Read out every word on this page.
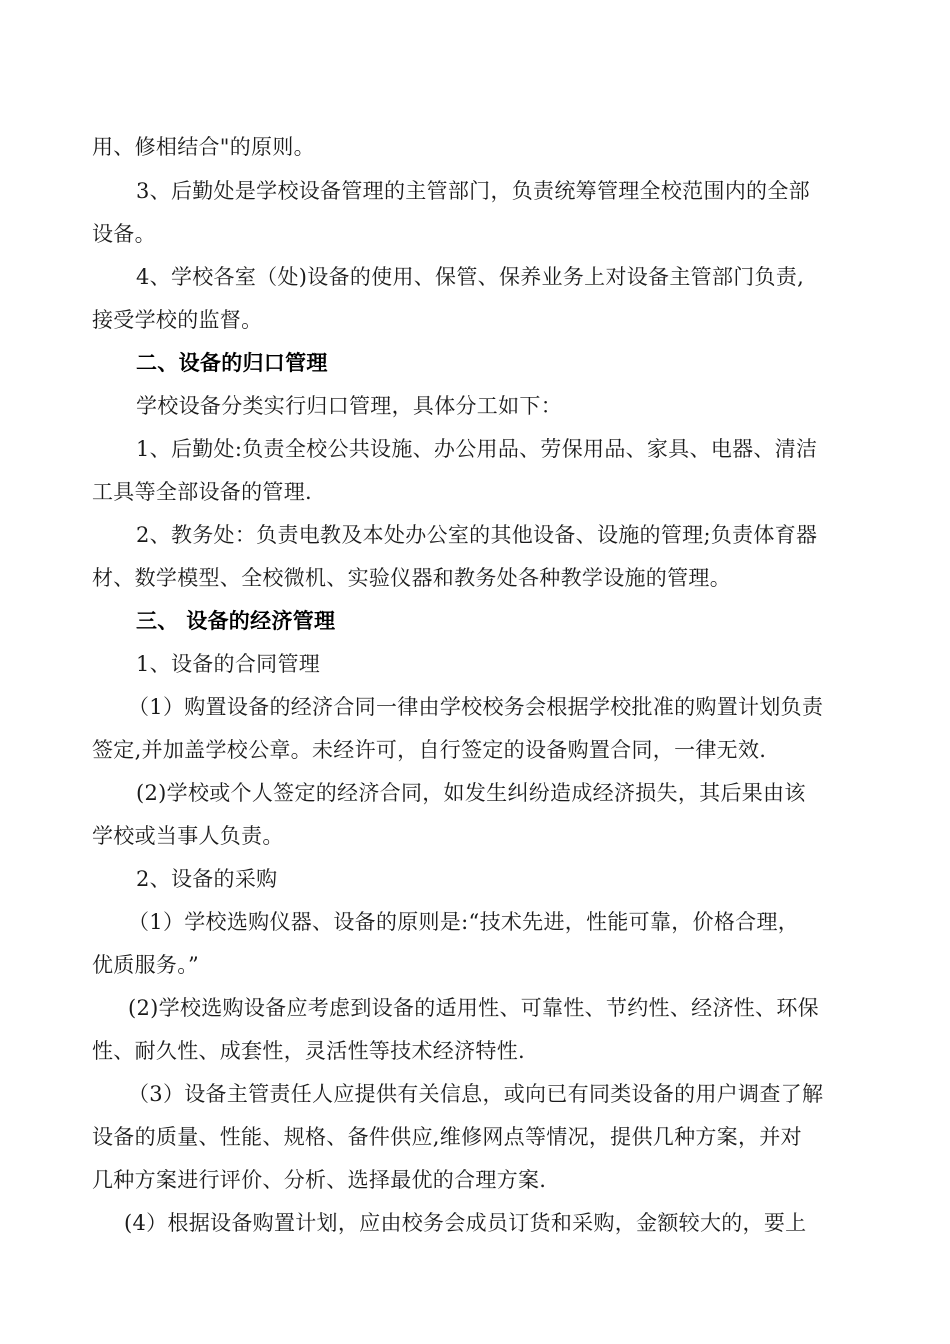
用、修相结合"的原则。
3、后勤处是学校设备管理的主管部门，负责统筹管理全校范围内的全部
设备。
4、学校各室（处)设备的使用、保管、保养业务上对设备主管部门负责,
接受学校的监督。
二、设备的归口管理
学校设备分类实行归口管理，具体分工如下：
1、后勤处:负责全校公共设施、办公用品、劳保用品、家具、电器、清洁
工具等全部设备的管理.
2、教务处：负责电教及本处办公室的其他设备、设施的管理;负责体育器
材、数学模型、全校微机、实验仪器和教务处各种教学设施的管理。
三、 设备的经济管理
1、设备的合同管理
（1）购置设备的经济合同一律由学校校务会根据学校批准的购置计划负责
签定,并加盖学校公章。未经许可，自行签定的设备购置合同，一律无效.
(2)学校或个人签定的经济合同，如发生纠纷造成经济损失，其后果由该
学校或当事人负责。
2、设备的采购
（1）学校选购仪器、设备的原则是:“技术先进，性能可靠，价格合理，
优质服务。”
(2)学校选购设备应考虑到设备的适用性、可靠性、节约性、经济性、环保
性、耐久性、成套性，灵活性等技术经济特性.
（3）设备主管责任人应提供有关信息，或向已有同类设备的用户调查了解
设备的质量、性能、规格、备件供应,维修网点等情况，提供几种方案，并对
几种方案进行评价、分析、选择最优的合理方案.
(4）根据设备购置计划，应由校务会成员订货和采购，金额较大的，要上
